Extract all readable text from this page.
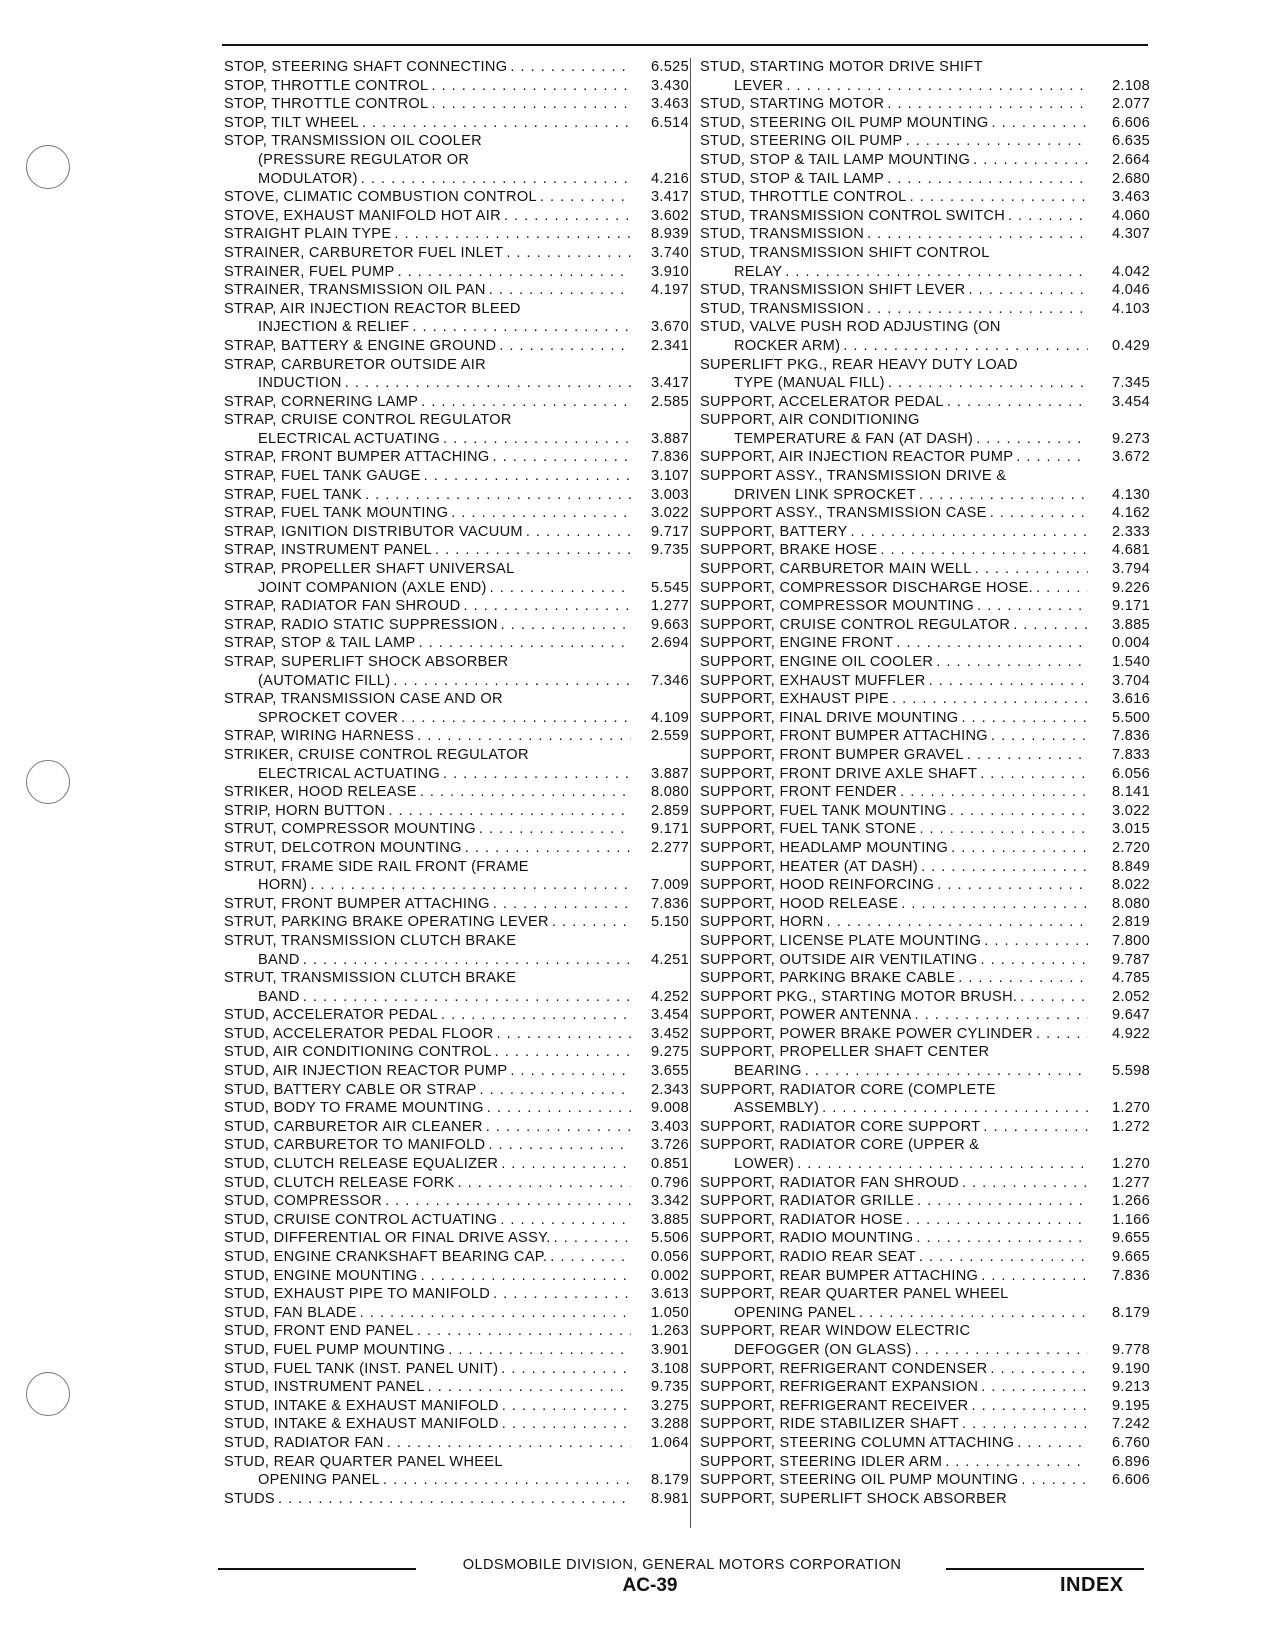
STOP, STEERING SHAFT CONNECTING . . .	6.525
STOP, THROTTLE CONTROL . . .	3.430
STOP, THROTTLE CONTROL . . .	3.463
STOP, TILT WHEEL . . .	6.514
STOP, TRANSMISSION OIL COOLER
(PRESSURE REGULATOR OR
MODULATOR) . . .	4.216
STOVE, CLIMATIC COMBUSTION CONTROL . . .	3.417
STOVE, EXHAUST MANIFOLD HOT AIR . . .	3.602
STRAIGHT PLAIN TYPE . . .	8.939
STRAINER, CARBURETOR FUEL INLET . . .	3.740
STRAINER, FUEL PUMP . . .	3.910
STRAINER, TRANSMISSION OIL PAN . . .	4.197
STRAP, AIR INJECTION REACTOR BLEED
INJECTION & RELIEF . . .	3.670
STRAP, BATTERY & ENGINE GROUND . . .	2.341
STRAP, CARBURETOR OUTSIDE AIR
INDUCTION . . .	3.417
STRAP, CORNERING LAMP . . .	2.585
STRAP, CRUISE CONTROL REGULATOR
ELECTRICAL ACTUATING . . .	3.887
STRAP, FRONT BUMPER ATTACHING . . .	7.836
STRAP, FUEL TANK GAUGE . . .	3.107
STRAP, FUEL TANK . . .	3.003
STRAP, FUEL TANK MOUNTING . . .	3.022
STRAP, IGNITION DISTRIBUTOR VACUUM . . .	9.717
STRAP, INSTRUMENT PANEL . . .	9.735
STRAP, PROPELLER SHAFT UNIVERSAL
JOINT COMPANION (AXLE END) . . .	5.545
STRAP, RADIATOR FAN SHROUD . . .	1.277
STRAP, RADIO STATIC SUPPRESSION . . .	9.663
STRAP, STOP & TAIL LAMP . . .	2.694
STRAP, SUPERLIFT SHOCK ABSORBER
(AUTOMATIC FILL) . . .	7.346
STRAP, TRANSMISSION CASE AND OR
SPROCKET COVER . . .	4.109
STRAP, WIRING HARNESS . . .	2.559
STRIKER, CRUISE CONTROL REGULATOR
ELECTRICAL ACTUATING . . .	3.887
STRIKER, HOOD RELEASE . . .	8.080
STRIP, HORN BUTTON . . .	2.859
STRUT, COMPRESSOR MOUNTING . . .	9.171
STRUT, DELCOTRON MOUNTING . . .	2.277
STRUT, FRAME SIDE RAIL FRONT (FRAME
HORN) . . .	7.009
STRUT, FRONT BUMPER ATTACHING . . .	7.836
STRUT, PARKING BRAKE OPERATING LEVER . . .	5.150
STRUT, TRANSMISSION CLUTCH BRAKE
BAND . . .	4.251
STRUT, TRANSMISSION CLUTCH BRAKE
BAND . . .	4.252
STUD, ACCELERATOR PEDAL . . .	3.454
STUD, ACCELERATOR PEDAL FLOOR . . .	3.452
STUD, AIR CONDITIONING CONTROL . . .	9.275
STUD, AIR INJECTION REACTOR PUMP . . .	3.655
STUD, BATTERY CABLE OR STRAP . . .	2.343
STUD, BODY TO FRAME MOUNTING . . .	9.008
STUD, CARBURETOR AIR CLEANER . . .	3.403
STUD, CARBURETOR TO MANIFOLD . . .	3.726
STUD, CLUTCH RELEASE EQUALIZER . . .	0.851
STUD, CLUTCH RELEASE FORK . . .	0.796
STUD, COMPRESSOR . . .	3.342
STUD, CRUISE CONTROL ACTUATING . . .	3.885
STUD, DIFFERENTIAL OR FINAL DRIVE ASSY. . . .	5.506
STUD, ENGINE CRANKSHAFT BEARING CAP. . . .	0.056
STUD, ENGINE MOUNTING . . .	0.002
STUD, EXHAUST PIPE TO MANIFOLD . . .	3.613
STUD, FAN BLADE . . .	1.050
STUD, FRONT END PANEL . . .	1.263
STUD, FUEL PUMP MOUNTING . . .	3.901
STUD, FUEL TANK (INST. PANEL UNIT) . . .	3.108
STUD, INSTRUMENT PANEL . . .	9.735
STUD, INTAKE & EXHAUST MANIFOLD . . .	3.275
STUD, INTAKE & EXHAUST MANIFOLD . . .	3.288
STUD, RADIATOR FAN . . .	1.064
STUD, REAR QUARTER PANEL WHEEL
OPENING PANEL . . .	8.179
STUDS . . .	8.981
STUD, STARTING MOTOR DRIVE SHIFT
LEVER . . .	2.108
STUD, STARTING MOTOR . . .	2.077
STUD, STEERING OIL PUMP MOUNTING . . .	6.606
STUD, STEERING OIL PUMP . . .	6.635
STUD, STOP & TAIL LAMP MOUNTING . . .	2.664
STUD, STOP & TAIL LAMP . . .	2.680
STUD, THROTTLE CONTROL . . .	3.463
STUD, TRANSMISSION CONTROL SWITCH . . .	4.060
STUD, TRANSMISSION . . .	4.307
STUD, TRANSMISSION SHIFT CONTROL
RELAY . . .	4.042
STUD, TRANSMISSION SHIFT LEVER . . .	4.046
STUD, TRANSMISSION . . .	4.103
STUD, VALVE PUSH ROD ADJUSTING (ON
ROCKER ARM) . . .	0.429
SUPERLIFT PKG., REAR HEAVY DUTY LOAD
TYPE (MANUAL FILL) . . .	7.345
SUPPORT, ACCELERATOR PEDAL . . .	3.454
SUPPORT, AIR CONDITIONING
TEMPERATURE & FAN (AT DASH) . . .	9.273
SUPPORT, AIR INJECTION REACTOR PUMP . . .	3.672
SUPPORT ASSY., TRANSMISSION DRIVE &
DRIVEN LINK SPROCKET . . .	4.130
SUPPORT ASSY., TRANSMISSION CASE . . .	4.162
SUPPORT, BATTERY . . .	2.333
SUPPORT, BRAKE HOSE . . .	4.681
SUPPORT, CARBURETOR MAIN WELL . . .	3.794
SUPPORT, COMPRESSOR DISCHARGE HOSE. . . .	9.226
SUPPORT, COMPRESSOR MOUNTING . . .	9.171
SUPPORT, CRUISE CONTROL REGULATOR . . .	3.885
SUPPORT, ENGINE FRONT . . .	0.004
SUPPORT, ENGINE OIL COOLER . . .	1.540
SUPPORT, EXHAUST MUFFLER . . .	3.704
SUPPORT, EXHAUST PIPE . . .	3.616
SUPPORT, FINAL DRIVE MOUNTING . . .	5.500
SUPPORT, FRONT BUMPER ATTACHING . . .	7.836
SUPPORT, FRONT BUMPER GRAVEL . . .	7.833
SUPPORT, FRONT DRIVE AXLE SHAFT . . .	6.056
SUPPORT, FRONT FENDER . . .	8.141
SUPPORT, FUEL TANK MOUNTING . . .	3.022
SUPPORT, FUEL TANK STONE . . .	3.015
SUPPORT, HEADLAMP MOUNTING . . .	2.720
SUPPORT, HEATER (AT DASH) . . .	8.849
SUPPORT, HOOD REINFORCING . . .	8.022
SUPPORT, HOOD RELEASE . . .	8.080
SUPPORT, HORN . . .	2.819
SUPPORT, LICENSE PLATE MOUNTING . . .	7.800
SUPPORT, OUTSIDE AIR VENTILATING . . .	9.787
SUPPORT, PARKING BRAKE CABLE . . .	4.785
SUPPORT PKG., STARTING MOTOR BRUSH. . . .	2.052
SUPPORT, POWER ANTENNA . . .	9.647
SUPPORT, POWER BRAKE POWER CYLINDER . . .	4.922
SUPPORT, PROPELLER SHAFT CENTER
BEARING . . .	5.598
SUPPORT, RADIATOR CORE (COMPLETE
ASSEMBLY) . . .	1.270
SUPPORT, RADIATOR CORE SUPPORT . . .	1.272
SUPPORT, RADIATOR CORE (UPPER &
LOWER) . . .	1.270
SUPPORT, RADIATOR FAN SHROUD . . .	1.277
SUPPORT, RADIATOR GRILLE . . .	1.266
SUPPORT, RADIATOR HOSE . . .	1.166
SUPPORT, RADIO MOUNTING . . .	9.655
SUPPORT, RADIO REAR SEAT . . .	9.665
SUPPORT, REAR BUMPER ATTACHING . . .	7.836
SUPPORT, REAR QUARTER PANEL WHEEL
OPENING PANEL . . .	8.179
SUPPORT, REAR WINDOW ELECTRIC
DEFOGGER (ON GLASS) . . .	9.778
SUPPORT, REFRIGERANT CONDENSER . . .	9.190
SUPPORT, REFRIGERANT EXPANSION . . .	9.213
SUPPORT, REFRIGERANT RECEIVER . . .	9.195
SUPPORT, RIDE STABILIZER SHAFT . . .	7.242
SUPPORT, STEERING COLUMN ATTACHING . . .	6.760
SUPPORT, STEERING IDLER ARM . . .	6.896
SUPPORT, STEERING OIL PUMP MOUNTING . . .	6.606
SUPPORT, SUPERLIFT SHOCK ABSORBER
OLDSMOBILE DIVISION, GENERAL MOTORS CORPORATION
AC-39	INDEX
